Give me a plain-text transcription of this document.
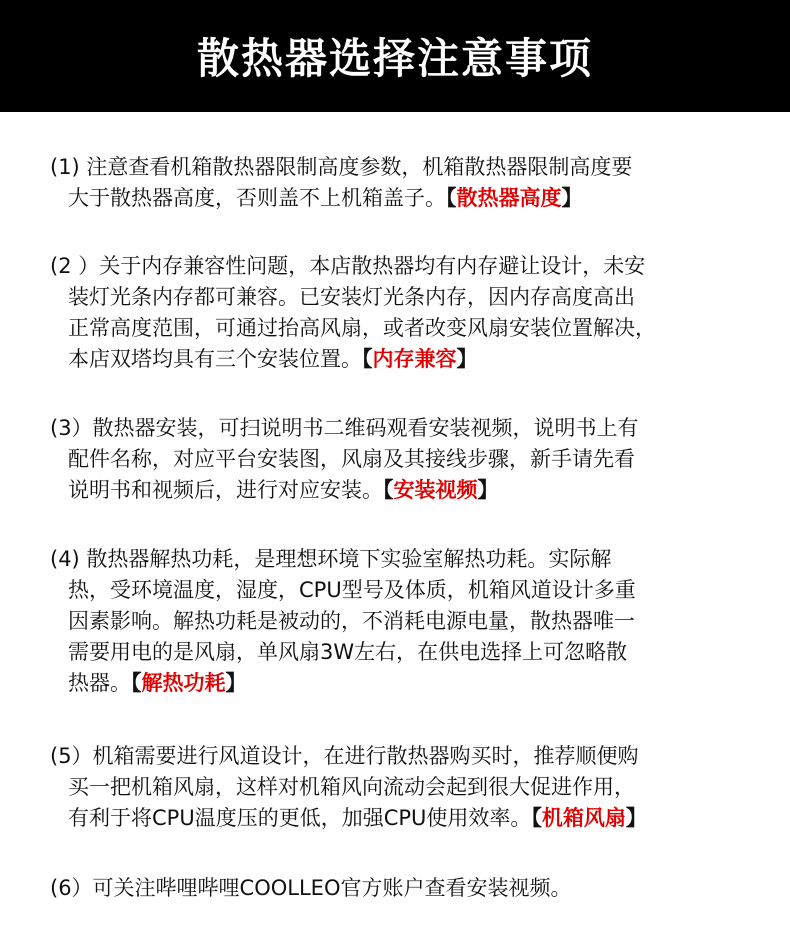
散热器选择注意事项
(1) 注意查看机箱散热器限制高度参数，机箱散热器限制高度要
大于散热器高度，否则盖不上机箱盖子。【散热器高度】
(2 ）关于内存兼容性问题，本店散热器均有内存避让设计，未安
装灯光条内存都可兼容。已安装灯光条内存，因内存高度高出
正常高度范围，可通过抬高风扇，或者改变风扇安装位置解决，
本店双塔均具有三个安装位置。【内存兼容】
(3）散热器安装，可扫说明书二维码观看安装视频，说明书上有
配件名称，对应平台安装图，风扇及其接线步骤，新手请先看
说明书和视频后，进行对应安装。【安装视频】
(4) 散热器解热功耗，是理想环境下实验室解热功耗。实际解
热，受环境温度，湿度，CPU型号及体质，机箱风道设计多重
因素影响。解热功耗是被动的，不消耗电源电量，散热器唯一
需要用电的是风扇，单风扇3W左右，在供电选择上可忽略散
热器。【解热功耗】
(5）机箱需要进行风道设计，在进行散热器购买时，推荐顺便购
买一把机箱风扇，这样对机箱风向流动会起到很大促进作用，
有利于将CPU温度压的更低，加强CPU使用效率。【机箱风扇】
(6）可关注哔哩哔哩COOLLEO官方账户查看安装视频。
